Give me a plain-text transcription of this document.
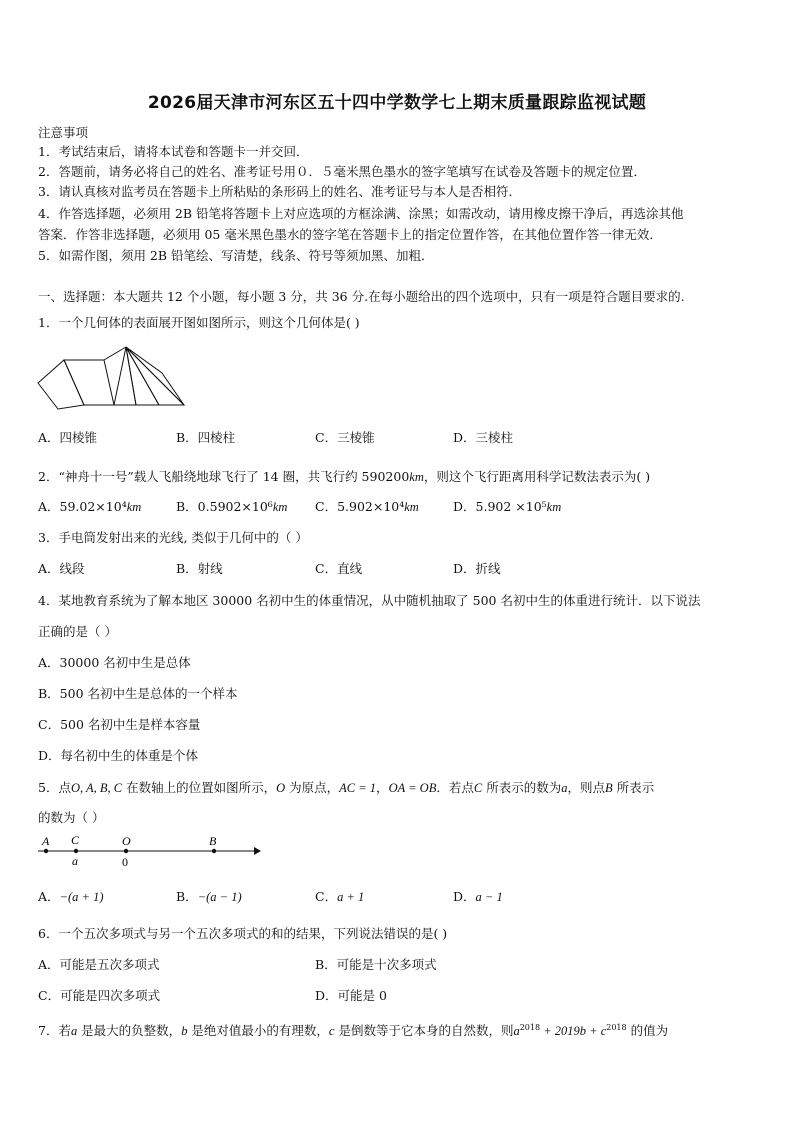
2026届天津市河东区五十四中学数学七上期末质量跟踪监视试题
注意事项
1．考试结束后，请将本试卷和答题卡一并交回．
2．答题前，请务必将自己的姓名、准考证号用０．５毫米黑色墨水的签字笔填写在试卷及答题卡的规定位置．
3．请认真核对监考员在答题卡上所粘贴的条形码上的姓名、准考证号与本人是否相符．
4．作答选择题，必须用 2B 铅笔将答题卡上对应选项的方框涂满、涂黑；如需改动，请用橡皮擦干净后，再选涂其他
答案．作答非选择题，必须用 05 毫米黑色墨水的签字笔在答题卡上的指定位置作答，在其他位置作答一律无效．
5．如需作图，须用 2B 铅笔绘、写清楚，线条、符号等须加黑、加粗．
一、选择题：本大题共 12 个小题，每小题 3 分，共 36 分.在每小题给出的四个选项中，只有一项是符合题目要求的.
1．一个几何体的表面展开图如图所示，则这个几何体是( )
A．四棱锥	B．四棱柱	C．三棱锥	D．三棱柱
2．“神舟十一号”载人飞船绕地球飞行了 14 圈，共飞行约 590200km，则这个飞行距离用科学记数法表示为( )
A．59.02×10⁴km	B．0.5902×10⁶km C．5.902×10⁴km	D．5.902 ×10⁵km
3．手电筒发射出来的光线, 类似于几何中的（ ）
A．线段	B．射线	C．直线	D．折线
4．某地教育系统为了解本地区 30000 名初中生的体重情况，从中随机抽取了 500 名初中生的体重进行统计．以下说法
正确的是（ ）
A．30000 名初中生是总体
B．500 名初中生是总体的一个样本
C．500 名初中生是样本容量
D．每名初中生的体重是个体
5．点O, A, B, C 在数轴上的位置如图所示，O 为原点，AC = 1，OA = OB．若点C 所表示的数为a，则点B 所表示
的数为（ ）
A C	O	B
a	0
A．−(a + 1)	B．−(a − 1)	C．a + 1	D．a − 1
6．一个五次多项式与另一个五次多项式的和的结果，下列说法错误的是( )
A．可能是五次多项式	B．可能是十次多项式
C．可能是四次多项式	D．可能是 0
7．若a 是最大的负整数，b 是绝对值最小的有理数，c 是倒数等于它本身的自然数，则$a^{2018} + 2019b + c^{2018}$ 的值为
